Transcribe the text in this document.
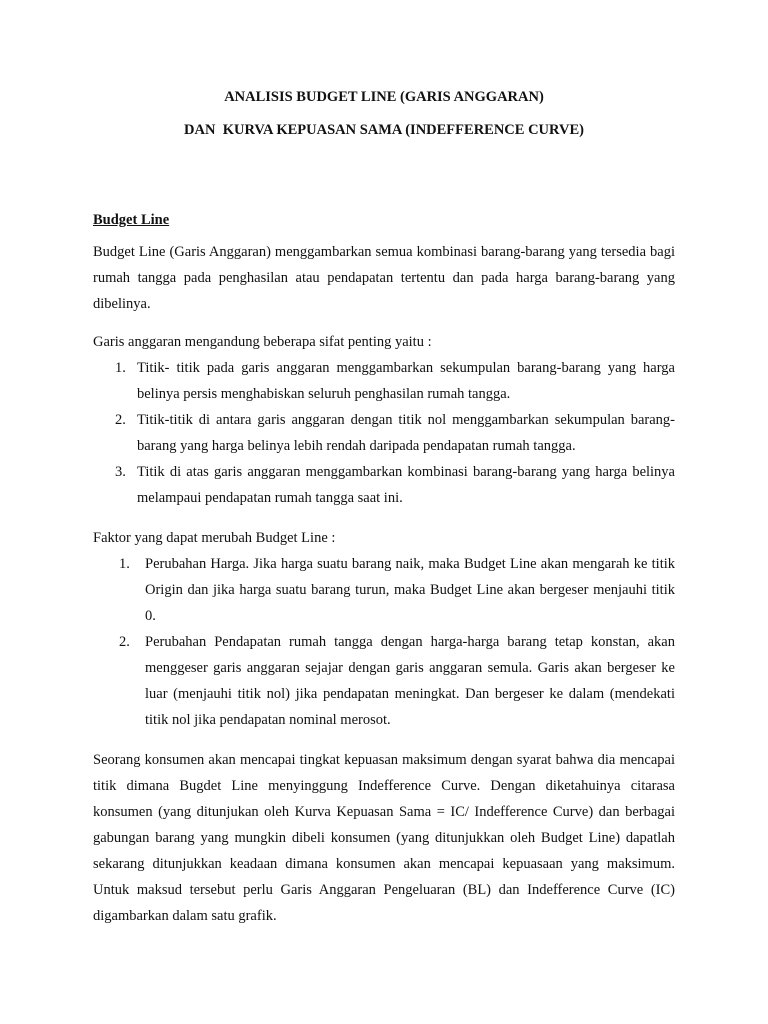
ANALISIS BUDGET LINE (GARIS ANGGARAN)
DAN  KURVA KEPUASAN SAMA (INDEFFERENCE CURVE)
Budget Line

Budget Line (Garis Anggaran) menggambarkan semua kombinasi barang-barang yang tersedia bagi rumah tangga pada penghasilan atau pendapatan tertentu dan pada harga barang-barang yang dibelinya.

Garis anggaran mengandung beberapa sifat penting yaitu :

1. Titik- titik pada garis anggaran menggambarkan sekumpulan barang-barang yang harga belinya persis menghabiskan seluruh penghasilan rumah tangga.
2. Titik-titik di antara garis anggaran dengan titik nol menggambarkan sekumpulan barang-barang yang harga belinya lebih rendah daripada pendapatan rumah tangga.
3. Titik di atas garis anggaran menggambarkan kombinasi barang-barang yang harga belinya melampaui pendapatan rumah tangga saat ini.

Faktor yang dapat merubah Budget Line :

1. Perubahan Harga. Jika harga suatu barang naik, maka Budget Line akan mengarah ke titik Origin dan jika harga suatu barang turun, maka Budget Line akan bergeser menjauhi titik 0.
2. Perubahan Pendapatan rumah tangga dengan harga-harga barang tetap konstan, akan menggeser garis anggaran sejajar dengan garis anggaran semula. Garis akan bergeser ke luar (menjauhi titik nol) jika pendapatan meningkat. Dan bergeser ke dalam (mendekati titik nol jika pendapatan nominal merosot.

Seorang konsumen akan mencapai tingkat kepuasan maksimum dengan syarat bahwa dia mencapai titik dimana Bugdet Line menyinggung Indefference Curve. Dengan diketahuinya citarasa konsumen (yang ditunjukan oleh Kurva Kepuasan Sama = IC/ Indefference Curve) dan berbagai gabungan barang yang mungkin dibeli konsumen (yang ditunjukkan oleh Budget Line) dapatlah sekarang ditunjukkan keadaan dimana konsumen akan mencapai kepuasaan yang maksimum. Untuk maksud tersebut perlu Garis Anggaran Pengeluaran (BL) dan Indefference Curve (IC) digambarkan dalam satu grafik.
